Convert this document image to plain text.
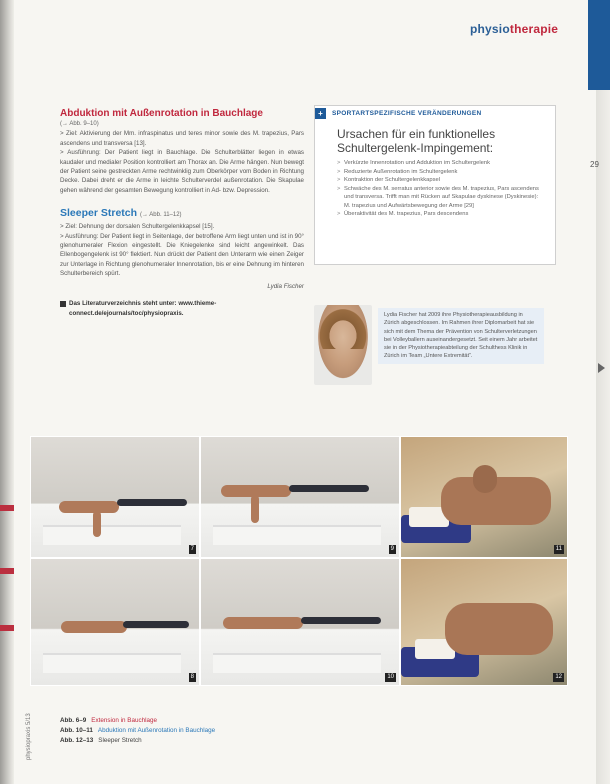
29
physiotherapie
Abduktion mit Außenrotation in Bauchlage
(→ Abb. 9–10)

> Ziel: Aktivierung der Mm. infraspinatus und teres minor sowie des M. trapezius, Pars ascendens und transversa [13].

> Ausführung: Der Patient liegt in Bauchlage. Die Schulterblätter liegen in etwas kaudaler und medialer Position kontrolliert am Thorax an. Die Arme hängen. Nun bewegt der Patient seine gestreckten Arme rechtwinklig zum Oberkörper vom Boden in Richtung Decke. Dabei dreht er die Arme in leichte Schulterverdel außenrotation. Die Skapulae gehen während der gesamten Bewegung kontrolliert in Ad- bzw. Depression.

Sleeper Stretch (→ Abb. 11–12)

> Ziel: Dehnung der dorsalen Schultergelenkkapsel [15].

> Ausführung: Der Patient liegt in Seitenlage, der betroffene Arm liegt unten und ist in 90° glenohumeraler Flexion eingestellt. Die Kniegelenke sind leicht angewinkelt. Das Ellenbogengelenk ist 90° flektiert. Nun drückt der Patient den Unterarm wie einen Zeiger zur Unterlage in Richtung glenohumeraler Innenrotation, bis er eine Dehnung im hinteren Schulterbereich spürt.

Lydia Fischer
Das Literaturverzeichnis steht unter: www.thieme-connect.de/ejournals/toc/physiopraxis.
+	SPORTARTSPEZIFISCHE VERÄNDERUNGEN
Ursachen für ein funktionelles Schultergelenk-Impingement:
> Verkürzte Innenrotation und Adduktion im Schultergelenk
> Reduzierte Außenrotation im Schultergelenk
> Kontraktion der Schultergelenkkapsel
> Schwäche des M. serratus anterior sowie des M. trapezius, Pars ascendens und transversa. Trifft man mit Rücken auf Skapulae dyskinese (Dyskinesie): M. trapezius und Aufwärtsbewegung der Arme [29]
> Überaktivität des M. trapezius, Pars descendens
Lydia Fischer hat 2009 ihre Physiotherapieausbildung in Zürich abgeschlossen. Im Rahmen ihrer Diplomarbeit hat sie sich mit dem Thema der Prävention von Schulterverletzungen bei Volleyballern auseinandergesetzt. Seit einem Jahr arbeitet sie in der Physiotherapieabteilung der Schulthess Klinik in Zürich im Team „Untere Extremität“.
7	9	11
8	10	12
Abb. 6–9 Extension in Bauchlage
Abb. 10–11 Abduktion mit Außenrotation in Bauchlage
Abb. 12–13 Sleeper Stretch
physiopraxis 5/13
